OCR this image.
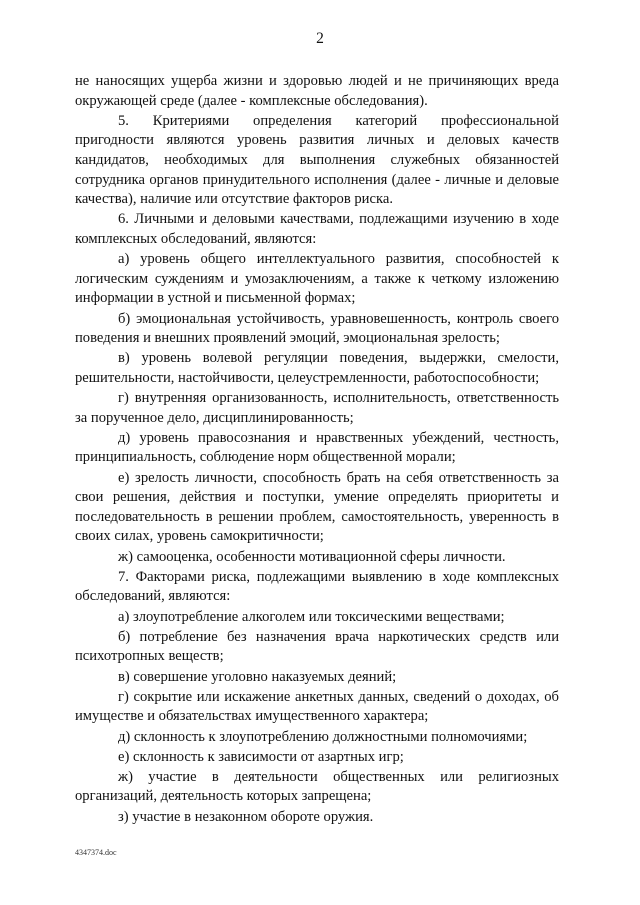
2

не наносящих ущерба жизни и здоровью людей и не причиняющих вреда окружающей среде (далее - комплексные обследования).

5. Критериями определения категорий профессиональной пригодности являются уровень развития личных и деловых качеств кандидатов, необходимых для выполнения служебных обязанностей сотрудника органов принудительного исполнения (далее - личные и деловые качества), наличие или отсутствие факторов риска.

6. Личными и деловыми качествами, подлежащими изучению в ходе комплексных обследований, являются:

а) уровень общего интеллектуального развития, способностей к логическим суждениям и умозаключениям, а также к четкому изложению информации в устной и письменной формах;

б) эмоциональная устойчивость, уравновешенность, контроль своего поведения и внешних проявлений эмоций, эмоциональная зрелость;

в) уровень волевой регуляции поведения, выдержки, смелости, решительности, настойчивости, целеустремленности, работоспособности;

г) внутренняя организованность, исполнительность, ответственность за порученное дело, дисциплинированность;

д) уровень правосознания и нравственных убеждений, честность, принципиальность, соблюдение норм общественной морали;

е) зрелость личности, способность брать на себя ответственность за свои решения, действия и поступки, умение определять приоритеты и последовательность в решении проблем, самостоятельность, уверенность в своих силах, уровень самокритичности;

ж) самооценка, особенности мотивационной сферы личности.

7. Факторами риска, подлежащими выявлению в ходе комплексных обследований, являются:

а) злоупотребление алкоголем или токсическими веществами;

б) потребление без назначения врача наркотических средств или психотропных веществ;

в) совершение уголовно наказуемых деяний;

г) сокрытие или искажение анкетных данных, сведений о доходах, об имуществе и обязательствах имущественного характера;

д) склонность к злоупотреблению должностными полномочиями;

е) склонность к зависимости от азартных игр;

ж) участие в деятельности общественных или религиозных организаций, деятельность которых запрещена;

з) участие в незаконном обороте оружия.

4347374.doc
